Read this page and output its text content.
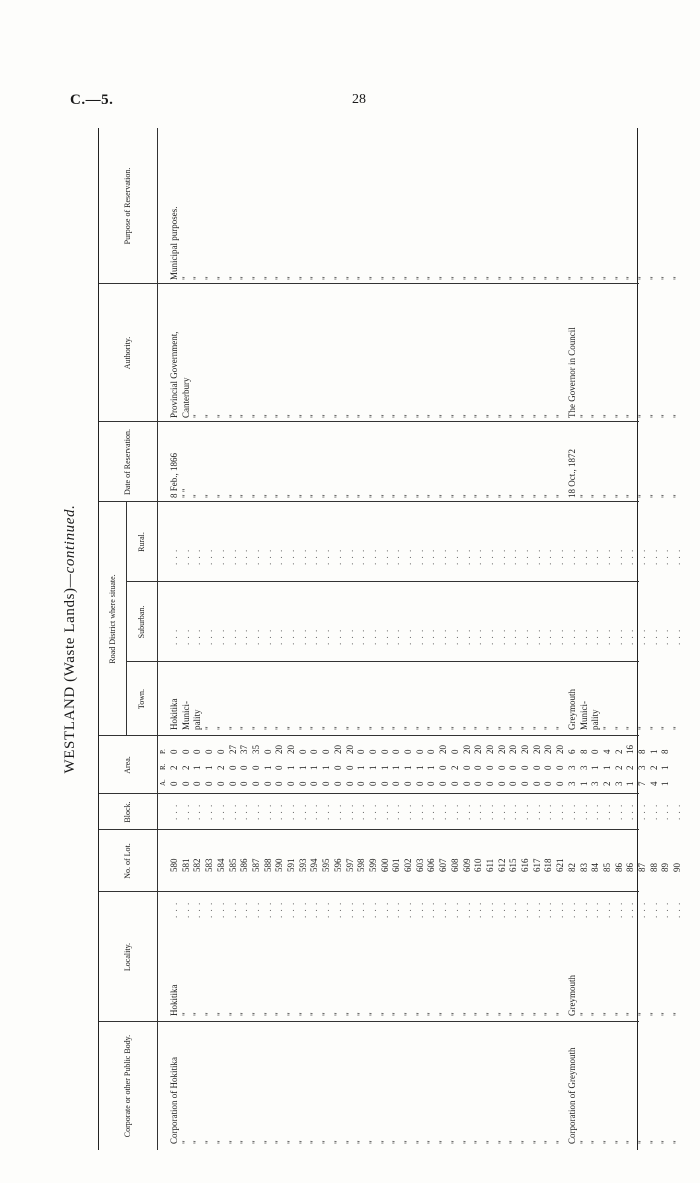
C.—5.	28
WESTLAND (Waste Lands)—continued.
Corporate or other Public Body.
Locality.
No. of Lot.
Block.
Area.
Road District where situate.
Town.
Suburban.
Rural.
Date of Reservation.
Authority.
Purpose of Reservation.
A.
R.
P.
Corporation of Hokitika
Hokitika
580
0
2
0
Hokitika
8 Feb., 1866
Provincial Government,
Municipal purposes.
. . .
. . .
. . .
. . .
"
"
581
0
2
0
Munici-
" "
Canterbury
"
. . .
. . .
. . .
. . .
"
"
582
0
1
0
pality
"
"
"
. . .
. . .
. . .
. . .
"
"
583
0
1
0
"
"
"
"
. . .
. . .
. . .
. . .
"
"
584
0
2
0
"
"
"
"
. . .
. . .
. . .
. . .
"
"
585
0
0
27
"
"
"
"
. . .
. . .
. . .
. . .
"
"
586
0
0
37
"
"
"
"
. . .
. . .
. . .
. . .
"
"
587
0
0
35
"
"
"
"
. . .
. . .
. . .
. . .
"
"
588
0
1
0
"
"
"
"
. . .
. . .
. . .
. . .
"
"
590
0
0
20
"
"
"
"
. . .
. . .
. . .
. . .
"
"
591
0
1
20
"
"
"
"
. . .
. . .
. . .
. . .
"
"
593
0
1
0
"
"
"
"
. . .
. . .
. . .
. . .
"
"
594
0
1
0
"
"
"
"
. . .
. . .
. . .
. . .
"
"
595
0
1
0
"
"
"
"
. . .
. . .
. . .
. . .
"
"
596
0
0
20
"
"
"
"
. . .
. . .
. . .
. . .
"
"
597
0
0
20
"
"
"
"
. . .
. . .
. . .
. . .
"
"
598
0
1
0
"
"
"
"
. . .
. . .
. . .
. . .
"
"
599
0
1
0
"
"
"
"
. . .
. . .
. . .
. . .
"
"
600
0
1
0
"
"
"
"
. . .
. . .
. . .
. . .
"
"
601
0
1
0
"
"
"
"
. . .
. . .
. . .
. . .
"
"
602
0
1
0
"
"
"
"
. . .
. . .
. . .
. . .
"
"
603
0
1
0
"
"
"
"
. . .
. . .
. . .
. . .
"
"
606
0
1
0
"
"
"
"
. . .
. . .
. . .
. . .
"
"
607
0
0
20
"
"
"
"
. . .
. . .
. . .
. . .
"
"
608
0
2
0
"
"
"
"
. . .
. . .
. . .
. . .
"
"
609
0
0
20
"
"
"
"
. . .
. . .
. . .
. . .
"
"
610
0
0
20
"
"
"
"
. . .
. . .
. . .
. . .
"
"
611
0
0
20
"
"
"
"
. . .
. . .
. . .
. . .
"
"
612
0
0
20
"
"
"
"
. . .
. . .
. . .
. . .
"
"
615
0
0
20
"
"
"
"
. . .
. . .
. . .
. . .
"
"
616
0
0
20
"
"
"
"
. . .
. . .
. . .
. . .
"
"
617
0
0
20
"
"
"
"
. . .
. . .
. . .
. . .
"
"
618
0
0
20
"
"
"
"
. . .
. . .
. . .
. . .
"
"
621
0
0
20
"
"
"
"
. . .
. . .
. . .
. . .
Corporation of Greymouth
Greymouth
82
3
3
6
Greymouth
18 Oct., 1872
The Governor in Council
"
. . .
. . .
. . .
. . .
"
"
83
1
3
8
Munici-
"
"
"
. . .
. . .
. . .
. . .
"
"
84
3
1
0
pality
"
"
"
. . .
. . .
. . .
. . .
"
"
85
2
1
4
"
"
"
"
. . .
. . .
. . .
. . .
"
"
86
3
2
2
"
"
"
"
. . .
. . .
. . .
. . .
"
"
86
1
2
16
"
"
"
"
. . .
. . .
. . .
. . .
"
"
87
7
3
8
"
"
"
"
. . .
. . .
. . .
. . .
"
"
88
4
2
1
"
"
"
"
. . .
. . .
. . .
. . .
"
"
89
1
1
8
"
"
"
"
. . .
. . .
. . .
. . .
"
"
90
"
"
"
"
. . .
. . .
. . .
. . .
